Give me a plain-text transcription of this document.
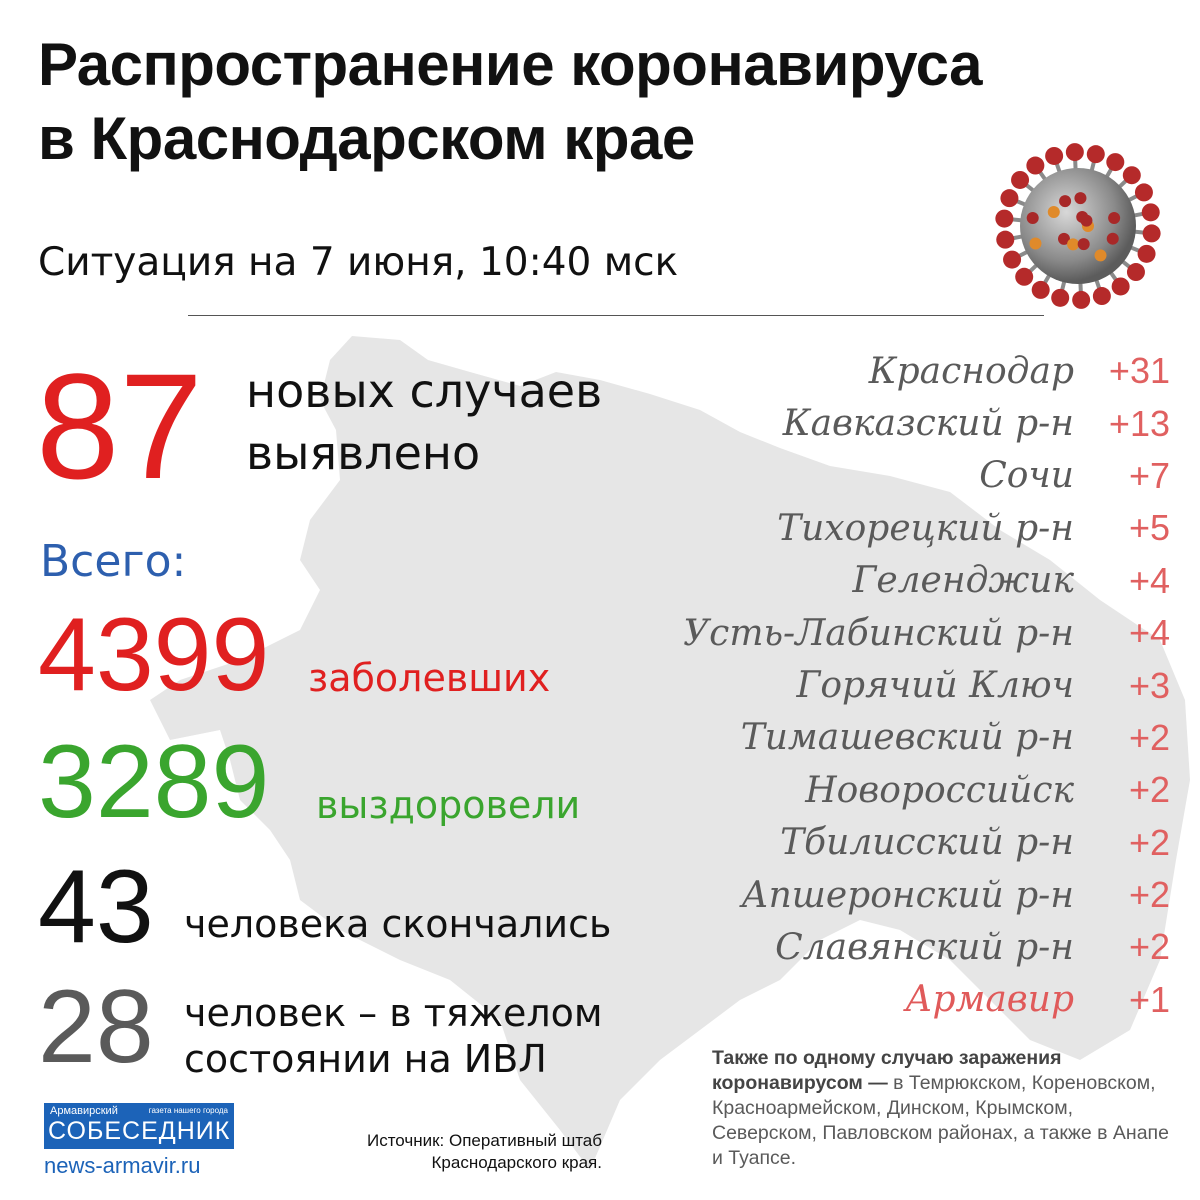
Распространение коронавируса
в Краснодарском крае
Ситуация на 7 июня, 10:40 мск
87 новых случаев
выявлено
Всего:
4399 заболевших
3289 выздоровели
43 человека скончались
28 человек – в тяжелом
состоянии на ИВЛ
Краснодар +31
Кавказский р-н +13
Сочи	+7
Тихорецкий р-н	+5
Геленджик	+4
Усть-Лабинский р-н	+4
Горячий Ключ	+3
Тимашевский р-н	+2
Новороссийск	+2
Тбилисский р-н	+2
Апшеронский р-н	+2
Славянский р-н	+2
Армавир	+1
Также по одному случаю заражения коронавирусом — в Темрюкском, Кореновском, Красноармейском, Динском, Крымском, Северском, Павловском районах, а также в Анапе и Туапсе.
Армавирский	газета нашего города
СОБЕСЕДНИК
news-armavir.ru
Источник: Оперативный штаб
Краснодарского края.
